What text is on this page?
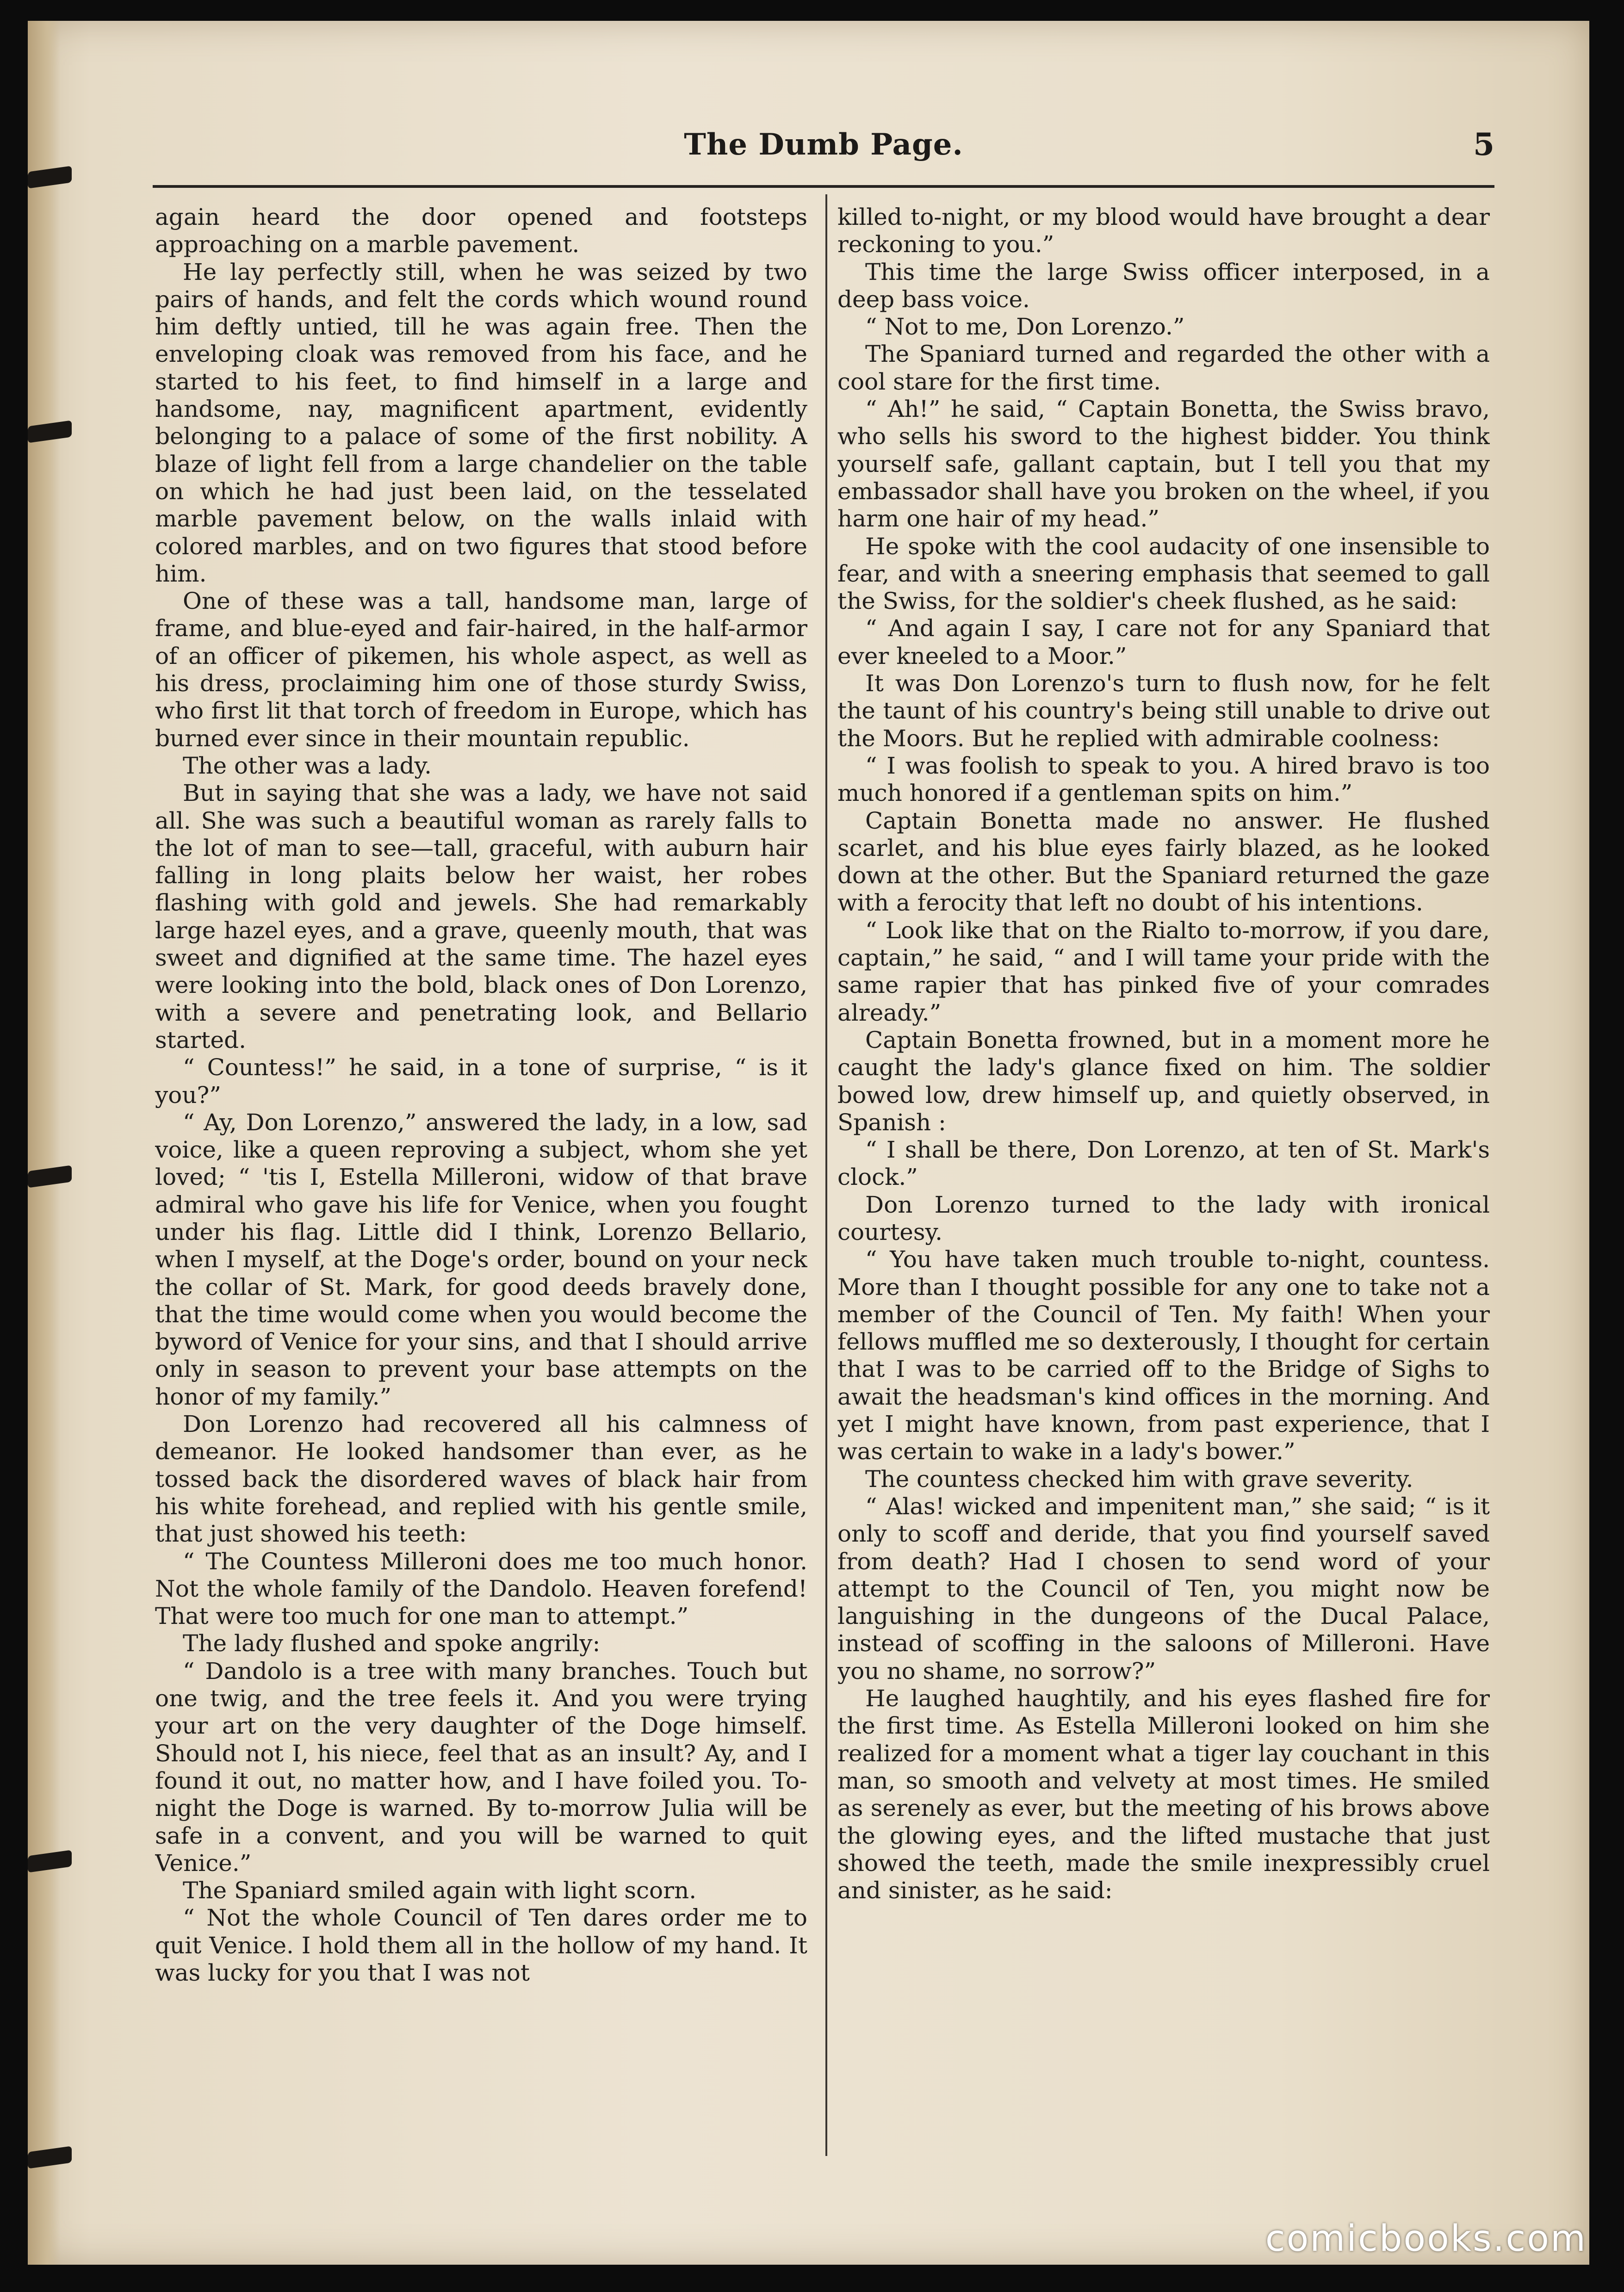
The Dumb Page.	5

again heard the door opened and footsteps approaching on a marble pavement.

He lay perfectly still, when he was seized by two pairs of hands, and felt the cords which wound round him deftly untied, till he was again free. Then the enveloping cloak was removed from his face, and he started to his feet, to find himself in a large and handsome, nay, magnificent apartment, evidently belonging to a palace of some of the first nobility. A blaze of light fell from a large chandelier on the table on which he had just been laid, on the tesselated marble pavement below, on the walls inlaid with colored marbles, and on two figures that stood before him.

One of these was a tall, handsome man, large of frame, and blue-eyed and fair-haired, in the half-armor of an officer of pikemen, his whole aspect, as well as his dress, proclaiming him one of those sturdy Swiss, who first lit that torch of freedom in Europe, which has burned ever since in their mountain republic.

The other was a lady.

But in saying that she was a lady, we have not said all. She was such a beautiful woman as rarely falls to the lot of man to see—tall, graceful, with auburn hair falling in long plaits below her waist, her robes flashing with gold and jewels. She had remarkably large hazel eyes, and a grave, queenly mouth, that was sweet and dignified at the same time. The hazel eyes were looking into the bold, black ones of Don Lorenzo, with a severe and penetrating look, and Bellario started.

“ Countess!” he said, in a tone of surprise, “ is it you?”

“ Ay, Don Lorenzo,” answered the lady, in a low, sad voice, like a queen reproving a subject, whom she yet loved; “ 'tis I, Estella Milleroni, widow of that brave admiral who gave his life for Venice, when you fought under his flag. Little did I think, Lorenzo Bellario, when I myself, at the Doge's order, bound on your neck the collar of St. Mark, for good deeds bravely done, that the time would come when you would become the byword of Venice for your sins, and that I should arrive only in season to prevent your base attempts on the honor of my family.”

Don Lorenzo had recovered all his calmness of demeanor. He looked handsomer than ever, as he tossed back the disordered waves of black hair from his white forehead, and replied with his gentle smile, that just showed his teeth:

“ The Countess Milleroni does me too much honor. Not the whole family of the Dandolo. Heaven forefend! That were too much for one man to attempt.”

The lady flushed and spoke angrily:

“ Dandolo is a tree with many branches. Touch but one twig, and the tree feels it. And you were trying your art on the very daughter of the Doge himself. Should not I, his niece, feel that as an insult? Ay, and I found it out, no matter how, and I have foiled you. To-night the Doge is warned. By to-morrow Julia will be safe in a convent, and you will be warned to quit Venice.”

The Spaniard smiled again with light scorn.

“ Not the whole Council of Ten dares order me to quit Venice. I hold them all in the hollow of my hand. It was lucky for you that I was not

killed to-night, or my blood would have brought a dear reckoning to you.”

This time the large Swiss officer interposed, in a deep bass voice.

“ Not to me, Don Lorenzo.”

The Spaniard turned and regarded the other with a cool stare for the first time.

“ Ah!” he said, “ Captain Bonetta, the Swiss bravo, who sells his sword to the highest bidder. You think yourself safe, gallant captain, but I tell you that my embassador shall have you broken on the wheel, if you harm one hair of my head.”

He spoke with the cool audacity of one insensible to fear, and with a sneering emphasis that seemed to gall the Swiss, for the soldier's cheek flushed, as he said:

“ And again I say, I care not for any Spaniard that ever kneeled to a Moor.”

It was Don Lorenzo's turn to flush now, for he felt the taunt of his country's being still unable to drive out the Moors. But he replied with admirable coolness:

“ I was foolish to speak to you. A hired bravo is too much honored if a gentleman spits on him.”

Captain Bonetta made no answer. He flushed scarlet, and his blue eyes fairly blazed, as he looked down at the other. But the Spaniard returned the gaze with a ferocity that left no doubt of his intentions.

“ Look like that on the Rialto to-morrow, if you dare, captain,” he said, “ and I will tame your pride with the same rapier that has pinked five of your comrades already.”

Captain Bonetta frowned, but in a moment more he caught the lady's glance fixed on him. The soldier bowed low, drew himself up, and quietly observed, in Spanish :

“ I shall be there, Don Lorenzo, at ten of St. Mark's clock.”

Don Lorenzo turned to the lady with ironical courtesy.

“ You have taken much trouble to-night, countess. More than I thought possible for any one to take not a member of the Council of Ten. My faith! When your fellows muffled me so dexterously, I thought for certain that I was to be carried off to the Bridge of Sighs to await the headsman's kind offices in the morning. And yet I might have known, from past experience, that I was certain to wake in a lady's bower.”

The countess checked him with grave severity.

“ Alas! wicked and impenitent man,” she said; “ is it only to scoff and deride, that you find yourself saved from death? Had I chosen to send word of your attempt to the Council of Ten, you might now be languishing in the dungeons of the Ducal Palace, instead of scoffing in the saloons of Milleroni. Have you no shame, no sorrow?”

He laughed haughtily, and his eyes flashed fire for the first time. As Estella Milleroni looked on him she realized for a moment what a tiger lay couchant in this man, so smooth and velvety at most times. He smiled as serenely as ever, but the meeting of his brows above the glowing eyes, and the lifted mustache that just showed the teeth, made the smile inexpressibly cruel and sinister, as he said:

comicbooks.com
